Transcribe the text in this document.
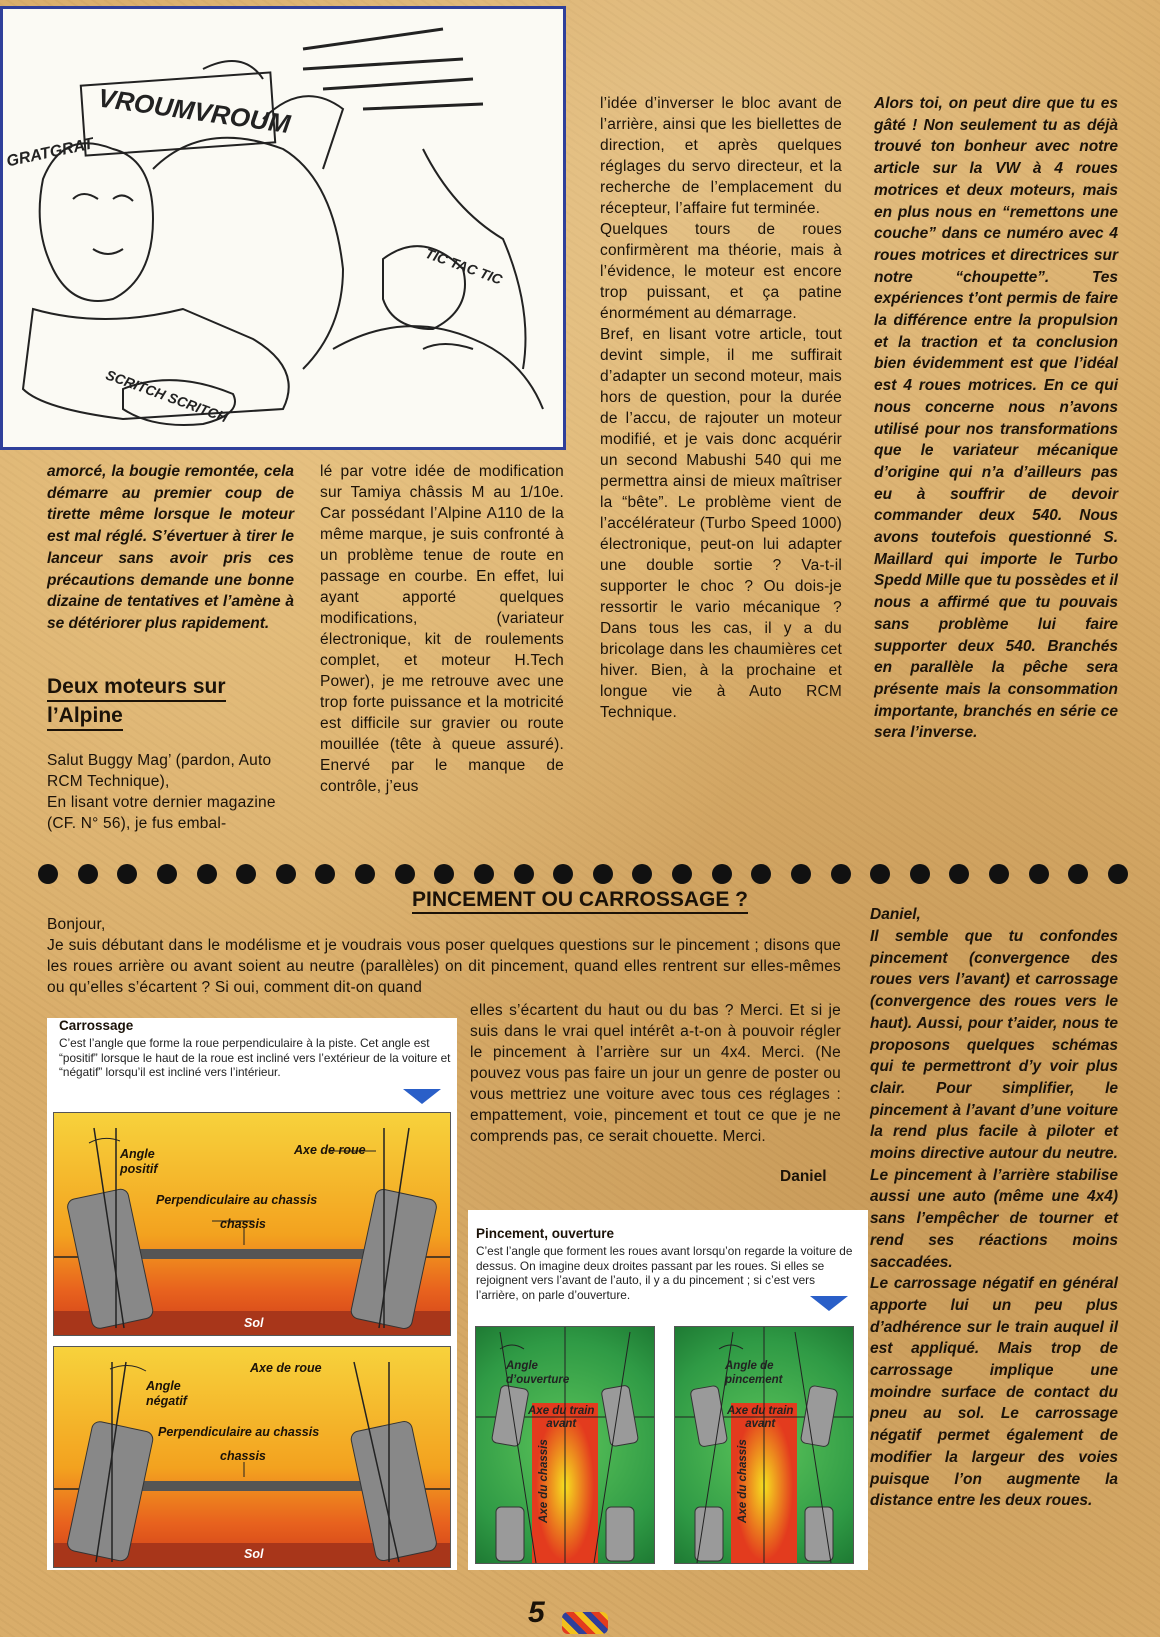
VROUMVROUM
GRATGRAT
TIC TAC TIC
SCRITCH SCRITCH
amorcé, la bougie remontée, cela démarre au premier coup de tirette même lorsque le moteur est mal réglé. S’évertuer à tirer le lanceur sans avoir pris ces précautions demande une bonne dizaine de tentatives et l’amène à se détériorer plus rapidement.
Deux moteurs sur
l’Alpine
Salut Buggy Mag’ (pardon, Auto RCM Technique),
En lisant votre dernier magazine (CF. N° 56), je fus embal-
lé par votre idée de modification sur Tamiya châssis M au 1/10e. Car possédant l’Alpine A110 de la même marque, je suis confronté à un problème tenue de route en passage en courbe. En effet, lui ayant apporté quelques modifications, (variateur électronique, kit de roulements complet, et moteur H.Tech Power), je me retrouve avec une trop forte puissance et la motricité est difficile sur gravier ou route mouillée (tête à queue assuré). Enervé par le manque de contrôle, j’eus
l’idée d’inverser le bloc avant de l’arrière, ainsi que les biellettes de direction, et après quelques réglages du servo directeur, et la recherche de l’emplacement du récepteur, l’affaire fut terminée.
Quelques tours de roues confirmèrent ma théorie, mais à l’évidence, le moteur est encore trop puissant, et ça patine énormément au démarrage.
Bref, en lisant votre article, tout devint simple, il me suffirait d’adapter un second moteur, mais hors de question, pour la durée de l’accu, de rajouter un moteur modifié, et je vais donc acquérir un second Mabushi 540 qui me permettra ainsi de mieux maîtriser la “bête”. Le problème vient de l’accélérateur (Turbo Speed 1000) électronique, peut-on lui adapter une double sortie ? Va-t-il supporter le choc ? Ou dois-je ressortir le vario mécanique ? Dans tous les cas, il y a du bricolage dans les chaumières cet hiver. Bien, à la prochaine et longue vie à Auto RCM Technique.
Alors toi, on peut dire que tu es gâté ! Non seulement tu as déjà trouvé ton bonheur avec notre article sur la VW à 4 roues motrices et deux moteurs, mais en plus nous en “remettons une couche” dans ce numéro avec 4 roues motrices et directrices sur notre “choupette”. Tes expériences t’ont permis de faire la différence entre la propulsion et la traction et ta conclusion bien évidemment est que l’idéal est 4 roues motrices. En ce qui nous concerne nous n’avons utilisé pour nos transformations que le variateur mécanique d’origine qui n’a d’ailleurs pas eu à souffrir de devoir commander deux 540. Nous avons toutefois questionné S. Maillard qui importe le Turbo Spedd Mille que tu possèdes et il nous a affirmé que tu pouvais sans problème lui faire supporter deux 540. Branchés en parallèle la pêche sera présente mais la consommation importante, branchés en série ce sera l’inverse.
PINCEMENT OU CARROSSAGE ?
Bonjour,
Je suis débutant dans le modélisme et je voudrais vous poser quelques questions sur le pincement ; disons que les roues arrière ou avant soient au neutre (parallèles) on dit pincement, quand elles rentrent sur elles-mêmes ou qu’elles s’écartent ? Si oui, comment dit-on quand
elles s’écartent du haut ou du bas ? Merci. Et si je suis dans le vrai quel intérêt a-t-on à pouvoir régler le pincement à l’arrière sur un 4x4. Merci. (Ne pouvez vous pas faire un jour un genre de poster ou vous mettriez une voiture avec tous ces réglages : empattement, voie, pincement et tout ce que je ne comprends pas, ce serait chouette. Merci.
Daniel
Daniel,
Il semble que tu confondes pincement (convergence des roues vers l’avant) et carrossage (convergence des roues vers le haut). Aussi, pour t’aider, nous te proposons quelques schémas qui te permettront d’y voir plus clair. Pour simplifier, le pincement à l’avant d’une voiture la rend plus facile à piloter et moins directive autour du neutre. Le pincement à l’arrière stabilise aussi une auto (même une 4x4) sans l’empêcher de tourner et rend ses réactions moins saccadées.
Le carrossage négatif en général apporte lui un peu plus d’adhérence sur le train auquel il est appliqué. Mais trop de carrossage implique une moindre surface de contact du pneu au sol. Le carrossage négatif permet également de modifier la largeur des voies puisque l’on augmente la distance entre les deux roues.
Carrossage
C’est l’angle que forme la roue perpendiculaire à la piste. Cet angle est “positif” lorsque le haut de la roue est incliné vers l’extérieur de la voiture et “négatif” lorsqu’il est incliné vers l’intérieur.
Angle
positif
Axe de roue
Perpendiculaire au chassis
chassis
Sol
Angle
négatif
Axe de roue
Perpendiculaire au chassis
chassis
Sol
Pincement, ouverture
C’est l’angle que forment les roues avant lorsqu’on regarde la voiture de dessus. On imagine deux droites passant par les roues. Si elles se rejoignent vers l’avant de l’auto, il y a du pincement ; si c’est vers l’arrière, on parle d’ouverture.
Angle
d’ouverture
Axe du train
avant
Axe du chassis
Angle de
pincement
Axe du train
avant
Axe du chassis
5
